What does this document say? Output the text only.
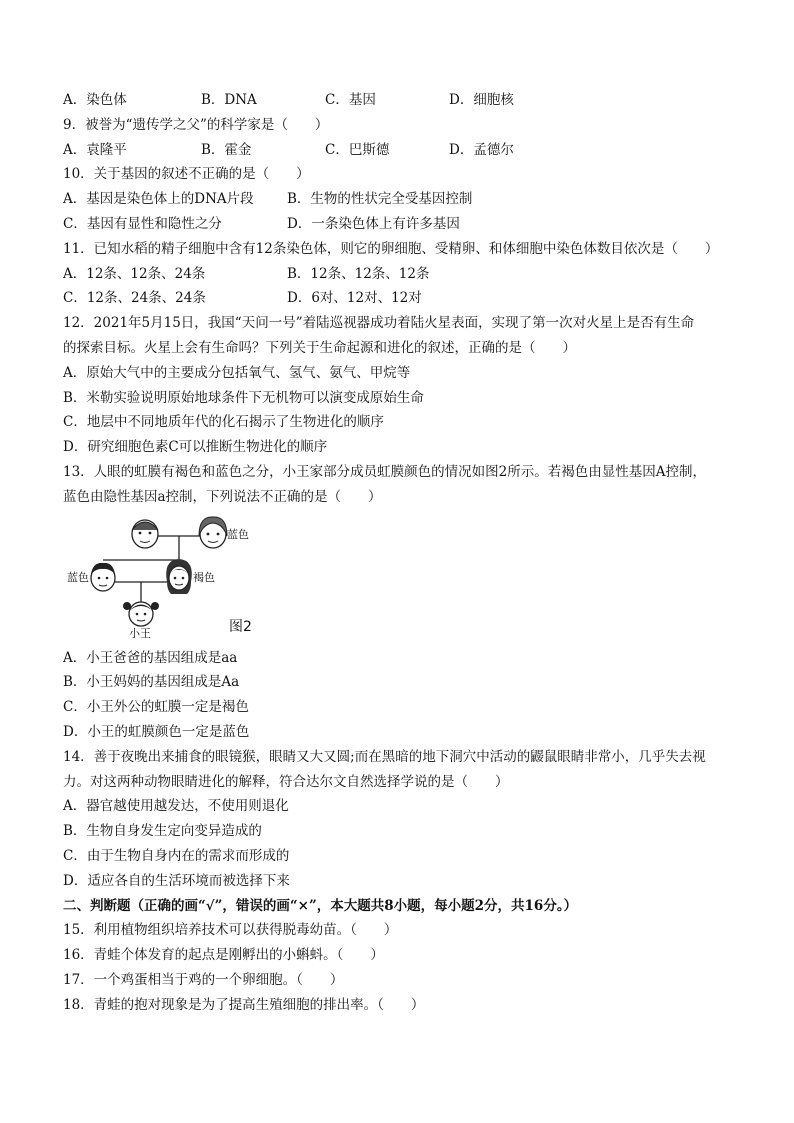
A．染色体	B．DNA	C．基因	D．细胞核
9．被誉为“遗传学之父”的科学家是（　　）
A．袁隆平	B．霍金	C．巴斯德	D．孟德尔
10．关于基因的叙述不正确的是（　　）
A．基因是染色体上的DNA片段	B．生物的性状完全受基因控制
C．基因有显性和隐性之分	D．一条染色体上有许多基因
11．已知水稻的精子细胞中含有12条染色体，则它的卵细胞、受精卵、和体细胞中染色体数目依次是（　　）
A．12条、12条、24条	B．12条、12条、12条
C．12条、24条、24条	D．6对、12对、12对
12．2021年5月15日，我国“天问一号”着陆巡视器成功着陆火星表面，实现了第一次对火星上是否有生命
的探索目标。火星上会有生命吗？下列关于生命起源和进化的叙述，正确的是（　　）
A．原始大气中的主要成分包括氧气、氢气、氨气、甲烷等
B．米勒实验说明原始地球条件下无机物可以演变成原始生命
C．地层中不同地质年代的化石揭示了生物进化的顺序
D．研究细胞色素C可以推断生物进化的顺序
13．人眼的虹膜有褐色和蓝色之分，小王家部分成员虹膜颜色的情况如图2所示。若褐色由显性基因A控制，
蓝色由隐性基因a控制，下列说法不正确的是（　　）
蓝色
蓝色	褐色
小王	图2
A．小王爸爸的基因组成是aa
B．小王妈妈的基因组成是Aa
C．小王外公的虹膜一定是褐色
D．小王的虹膜颜色一定是蓝色
14．善于夜晚出来捕食的眼镜猴，眼睛又大又圆;而在黑暗的地下洞穴中活动的鼹鼠眼睛非常小，几乎失去视
力。对这两种动物眼睛进化的解释，符合达尔文自然选择学说的是（　　）
A．器官越使用越发达，不使用则退化
B．生物自身发生定向变异造成的
C．由于生物自身内在的需求而形成的
D．适应各自的生活环境而被选择下来
二、判断题（正确的画“√”，错误的画“×”，本大题共8小题，每小题2分，共16分。）
15．利用植物组织培养技术可以获得脱毒幼苗。（　　）
16．青蛙个体发育的起点是刚孵出的小蝌蚪。（　　）
17．一个鸡蛋相当于鸡的一个卵细胞。（　　）
18．青蛙的抱对现象是为了提高生殖细胞的排出率。（　　）
